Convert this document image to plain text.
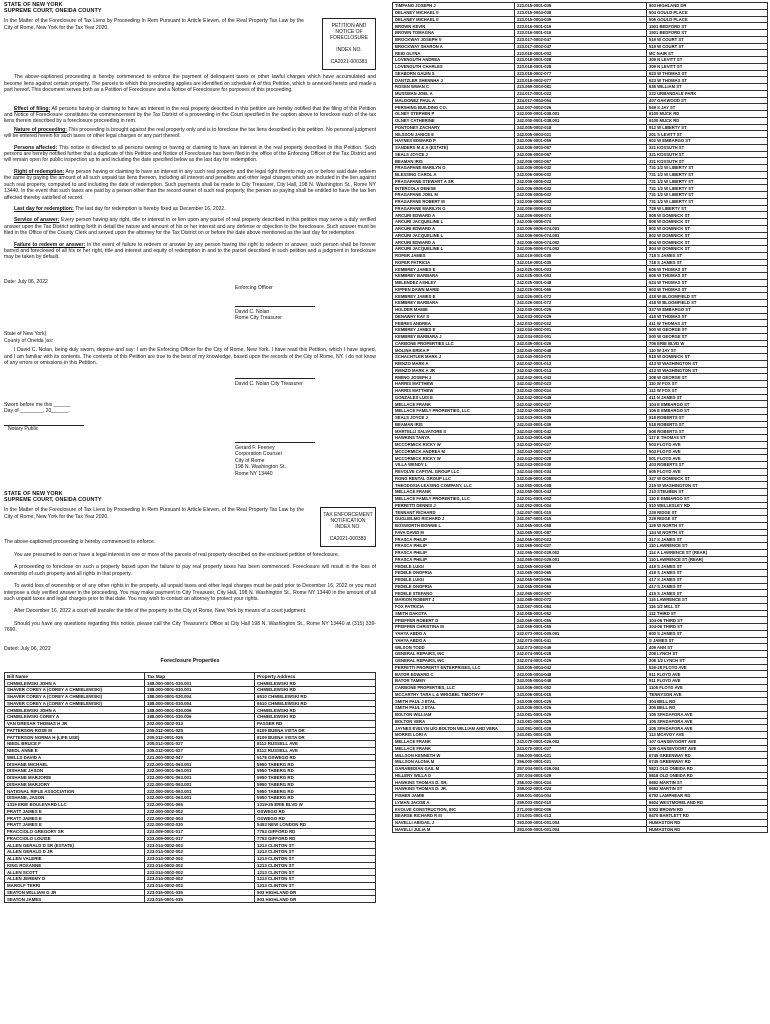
STATE OF NEW YORK
SUPREME COURT, ONEIDA COUNTY
In the Matter of the Foreclosure of Tax Liens by Proceeding In Rem Pursuant to Article Eleven, of the Real Property Tax Law by the City of Rome, New York for the Tax Year 2020.	PETITION AND NOTICE OF FORECLOSURE
INDEX NO.
CA2021-000383
The above-captioned proceeding is hereby commenced to enforce the payment of delinquent taxes or other lawful charges which have accumulated and become liens against certain property. The parcels to which this proceeding applies are identified on schedule A of this Petition, which is annexed hereto and made a part hereof. This document serves both as a Petition of Foreclosure and a Notice of Foreclosure for purposes of this proceeding.
Effect of filing: All persons having or claiming to have an interest in the real property described in this petition are hereby notified that the filing of this Petition and Notice of Foreclosure constitutes the commencement by the Tax District of a proceeding in the Court specified in the caption above to foreclose each of the tax liens therein described by a foreclosure proceeding in rem.
Nature of proceeding: This proceeding is brought against the real property only and is to foreclose the tax liens described in this petition. No personal judgment will be entered herein for such taxes or other legal charges or any part thereof.
Persons affected: This notice is directed to all persons owning or having or claiming to have an interest in the real property described in this Petition. Such persons are hereby notified further that a duplicate of this Petition and Notice of Foreclosure has been filed in the office of the Enforcing Officer of the Tax District and will remain open for public inspection up to and including the date specified below as the last day for redemption.
Right of redemption: Any person having or claiming to have an interest in any such real property and the legal right thereto may on or before said date redeem the same by paying the amount of all such unpaid tax liens thereon, including all interest and penalties and other legal charges which are included in the lien against such real property, computed to and including the date of redemption. Such payments shall be made to City Treasurer, City Hall, 198 N. Washington St., Rome NY 13440. In the event that such taxes are paid by a person other than the record owner of such real property, the person so paying shall be entitled to have the tax lien affected thereby satisfied of record.
Last day for redemption: The last day for redemption is hereby fixed as December 16, 2022.
Service of answer: Every person having any right, title or interest in or lien upon any parcel of real property described in this petition may serve a duly verified answer upon the Tax District setting forth in detail the nature and amount of his or her interest and any defense or objection to the foreclosure. Such answer must be filed in the Office of the County Clerk and served upon the attorney for the Tax District on or before the date above mentioned as the last day for redemption.
Failure to redeem or answer: In the event of failure to redeem or answer by any person having the right to redeem or answer, such person shall be forever barred and foreclosed of all his or her right, title and interest and equity of redemption in and to the parcel described in such petition and a judgment in foreclosure may be taken by default.
Date: July 06, 2022
Enforcing Officer
David C. Nolan
Rome City Treasurer
State of New York)
County of Oneida )ss:
I David C. Nolan, being duly sworn, depose and say: I am the Enforcing Officer for the City of Rome, New York. I have read this Petition, which I have signed, and I am familiar with its contents. The contents of this Petition are true to the best of my knowledge, based upon the records of the City of Rome, NY. I do not know of any errors or omissions in this Petition.
David C. Nolan City Treasurer
Sworn before me this ______
Day of ________, 20______.
Notary Public
Gerard F. Feeney
Corporation Counsel
City of Rome
198 N. Washington St.
Rome NY 13440
STATE OF NEW YORK
SUPREME COURT, ONEIDA COUNTY
In the Matter of the Foreclosure of Tax Liens by Proceeding In Rem Pursuant to Article Eleven, of the Real Property Tax Law by the City of Rome, New York for the Tax Year 2020.	TAX ENFORCEMENT NOTIFICATION INDEX NO.
CA2021-000383
The above-captioned proceeding is hereby commenced to enforce.
You are presumed to own or have a legal interest in one or more of the parcels of real property described on the enclosed petition of foreclosure.
A proceeding to foreclose on such a property based upon the failure to pay real property taxes has been commenced. Foreclosure will result in the loss of ownership of such property and all rights in that property.
To avoid loss of ownership or of any other rights in the property, all unpaid taxes and other legal charges must be paid prior to December 16, 2022 or you must interpose a duly verified answer in the proceeding. You may make payment to City Treasurer, City Hall, 198 N. Washington St., Rome NY 13440 in the amount of all such unpaid taxes and legal charges prior to that date. You may wish to contact an attorney to protect your rights.
After December 16, 2022 a court will transfer the title of the property to the City of Rome, New York by means of a court judgment.
Should you have any questions regarding this notice, please call the City Treasurer's Office at City Hall 198 N. Washington St., Rome NY 13440 at (315) 339-7690.
Dated: July 06, 2022
Foreclosure Properties
Bill Name	Tax Map	Property Address
CHMIELEWSKI JOHN A	188.000-0001-030.001	CHMIELEWSKI RD
SHAVER COREY A (COREY A CHMIELEWSKI)	188.000-0001-030.001	CHMIELEWSKI RD
SHAVER COREY A (COREY A CHMIELEWSKI)	188.000-0001-030.004	6510 CHMIELEWSKI RD
SHAVER COREY A (COREY A CHMIELEWSKI)	188.000-0001-030.004	6510 CHMIELEWSKI RD
CHMIELEWSKI JOHN A	188.000-0001-030.006	CHMIELEWSKI RD
CHMIELEWSKI COREY A	188.000-0001-030.006	CHMIELEWSKI RD
VAN DRESAR THOMAS H JR	202.000-0002-013	PASSER RD
PATTERSON ROSE M	205.012-0001-025	8109 BUENA VISTA DR
PATTERSON NORMA H (LIFE USE)	205.012-0001-025	8109 BUENA VISTA DR
NIEDL BRUCE F	205.012-0001-027	8112 RUSSELL AVE
NIEDL ANNE E	205.012-0001-027	8112 RUSSELL AVE
WELLS DAVID A	221.000-0002-047	5178 OSWEGO RD
DISHANE MICHAEL	222.000-0001-063.001	5950 TABERG RD
DISHANE JASON	222.000-0001-063.001	5950 TABERG RD
DISHANE MARJORIE	222.000-0001-063.001	5950 TABERG RD
DISHANE MARJORY	222.000-0001-063.001	5950 TABERG RD
NATIONAL RIFLE ASSOCIATION	222.000-0001-063.001	5950 TABERG RD
DISHANE, JASON	222.000-0001-063.001	5950 TABERG RD
1319 ERIE BOULEVARD LLC	222.000-0001-065	1319-25 ERIE BLVD W
PRATT JAMES E	222.000-0002-002	OSWEGO RD
PRATT JAMES E	222.000-0002-004	OSWEGO RD
PRATT JAMES E	222.000-0002-030	5453 NEW LONDON RD
FRACCIOLO GREGORY SR	223.009-0001-017	7753 GIFFORD RD
FRACCIOLO LOUISE	223.009-0001-017	7753 GIFFORD RD
ALLEN GERALD D SR (ESTATE)	223.014-0002-002	1213 CLINTON ST
ALLEN GERALD D JR	223.014-0002-002	1213 CLINTON ST
ALLEN VALERIE	223.014-0002-002	1213 CLINTON ST
KING ROXANNE	223.014-0002-002	1213 CLINTON ST
ALLEN SCOTT	223.014-0002-002	1213 CLINTON ST
ALLEN JEREMY D	223.014-0002-002	1213 CLINTON ST
MAROLF TERRI	223.014-0002-002	1213 CLINTON ST
SEATON WILLIAM G JR	223.015-0001-035	903 HIGHLAND DR
SEATON JAMES	223.015-0001-035	903 HIGHLAND DR
TIMPANO JOSEPH J	223.015-0001-035	903 HIGHLAND DR
DELANEY MICHAEL II	223.015-0004-038	504 GOULD PLACE
DELANEY MICHAEL II	223.015-0004-039	506 GOULD PLACE
BROWN KEVIN	223.016-0001-016	1501 BEDFORD ST
BROWN TOMAGNA	223.016-0001-016	1501 BEDFORD ST
BROCKWAY JOSEPH V	223.017-0002-047	519 W COURT ST
BROCKWAY SHARON A	223.017-0002-047	519 W COURT ST
REID GLYNA	223.018-0001-002	MC NAIR ST
LOVENGUTH ANDREA	223.018-0001-028	309 N LEVITT ST
LOVENGUTH CHARLES	223.018-0001-028	309 N LEVITT ST
SEABORN GAUIN S	223.018-0002-077	623 W THOMAS ST
DANTZLER SHENNHA J	223.018-0002-077	623 W THOMAS ST
ROSEN WWAN C	223.059-0003-081	636 WILLIAM ST
MUSSMAN JOEL A	224.017-0001-022	222 URBANDALE PARK
MALDONEZ PAUL A	224.017-0004-054	407 OAKWOOD ST
PERSHING BUILDING CO.	242.007-0002-026	549 S JAY ST
OLNEY STEPHEN P	242.000-0001-038.001	6100 MUCK RD
OLNEY CATHERINE	242.000-0001-038.001	6100 MUCK RD
PONTONEY ZACHARY	242.005-0002-018	912 W LIBERTY ST
NILSSON JANICE E	242.005-0003-021	201 S LEVITT ST
HAYNES EDWARD P	242.006-0001-059	602 W EMBARGO ST
SANDERS M & A (ESTATE)	242.006-0003-067	321 KOSSUTH ST
SEALS JOYCE J	242.006-0003-067	321 KOSSUTH ST
BEAMAN IRIS	242.006-0003-067	321 KOSSUTH ST
FRAGAPANE MARILYN G	242.006-0006-032	731 1/2 W LIBERTY ST
BLESSING CAROL A	242.006-0006-032	731 1/2 W LIBERTY ST
FRAGAPANE STEWART A SR	242.006-0006-032	731 1/2 W LIBERTY ST
INTERCOLA DENISE	242.006-0006-032	731 1/2 W LIBERTY ST
FRAGAPANE JOEL M	242.006-0006-032	731 1/2 W LIBERTY ST
FRAGAPANE ROBERT M	242.006-0006-032	731 1/2 W LIBERTY ST
FRAGAPANE MARILYN G	242.006-0006-033	729 W LIBERTY ST
ARCURI EDWARD A	242.006-0006-074	808 W DOMINICK ST
ARCURI JACQUELINE L	242.006-0006-074	808 W DOMINICK ST
ARCURI EDWARD A	242.006-0006-074.001	802 W DOMINICK ST
ARCURI JACQUELINE L	242.006-0006-074.001	802 W DOMINICK ST
ARCURI EDWARD A	242.006-0006-074.002	804 W DOMINICK ST
ARCURI JACQUELINE L	242.006-0006-074.002	804 W DOMINICK ST
ROPER JAMES	242.019-0001-035	718 S JAMES ST
ROPER PATRICIA	242.019-0001-035	718 S JAMES ST
KEMBREY JAMES E	242.025-0001-003	606 W THOMAS ST
KEMBREY BARBARA	242.025-0001-003	606 W THOMAS ST
MELENDEZ ASHLEY	242.025-0001-048	524 W THOMAS ST
KIPPEN DAWN MARIE	242.025-0001-056	603 W THOMAS ST
KEMBREY JAMES E	242.026-0001-072	418 W BLOOMFIELD ST
KEMBREY BARBARA	242.026-0001-072	418 W BLOOMFIELD ST
HOLDER MAMIE	242.030-0001-025	327 W EMBARGO ST
DENAWAY KAY S	242.033-0002-029	415 W THOMAS ST
FEBRES ANDREA	242.033-0002-022	411 W THOMAS ST
KEMBREY JAMES E	242.034-0002-001	500 W GEORGE ST
KEMBREY BARBARA J	242.034-0002-001	500 W GEORGE ST
CARBONE PROPERTIES LLC	242.039-0001-026	706 ERIE BLVD W
MOLINA ERIKA P	242.040-0002-048	110 W JAY ST
SCHACHTLER MARK J	242.040-0003-070	518 W DOMINICK ST
RIENZO MARK A	242.042-0001-013	413 W WASHINGTON ST
RIENZO MARK A JR	242.042-0001-013	413 W WASHINGTON ST
RIBINO JOSEPH J	242.042-0001-043	308 W GEORGE ST
HARRIS MATTHEW	242.042-0002-023	110 W FOX ST
HARRIS MATTHEW	242.042-0002-024	112 W FOX ST
GONZALES LUIS E	242.042-0002-046	411 N JAMES ST
MELLACE FRANK	242.042-0002-027	104 E EMBARGO ST
MELLACE FAMILY PROPERTIES, LLC	242.042-0003-028	106 E EMBARGO ST
SEALS JOYCE J	242.043-0001-039	518 ROBERTS ST
BEAMAN IRIS	242.043-0001-039	518 ROBERTS ST
MARTELLI SALVATORE S	242.043-0001-042	508 ROBERTS ST
HAWKINS TANYA	242.043-0001-049	117 E THOMAS ST
MCCORMICK RICKY W	242.043-0002-027	503 FLOYD AVE
MCCORMICK ANDREA M	242.043-0002-027	503 FLOYD AVE
MCCORMICK RICKY W	242.043-0002-028	501 FLOYD AVE
VILLA WENDY L	242.043-0003-030	403 ROBERTS ST
REVOLVE CAPITAL GROUP LLC	242.044-0001-034	605 FLOYD AVE
RONG RENTAL GROUP LLC	242.049-0001-008	327 W DOMINICK ST
THEODOSIA LEASING COMPANY, LLC	242.050-0001-008	215 W WASHINGTON ST
MELLACE FRANK	242.050-0001-043	210 STEUBEN ST
MELLACE FAMILY PROPERTIES, LLC	242.051-0001-002	110 E EMBARGO ST
PERFETTI DENNIS J	242.052-0001-004	510 WELLESLEY RD
TENNANT RICHARD	242.057-0001-015	229 RIDGE ST
GUGLIELMO RICHARD J	242.057-0001-015	229 RIDGE ST
BOSWORTH BONNIE L	242.065-0001-058	129 W NORTH ST
FAVA DAVID M	242.065-0001-087	124 W NORTH ST
FRASCA PHILIP	242.065-0002-023	317 S JAMES ST
FRASCA PHILIP	242.065-0002-027	110 LAWRENCE ST
FRASCA PHILIP	242.065-0002-029.002	114 A LAWRENCE ST (REAR)
FRASCA PHILIP	242.065-0002-029.001	110 LAWRENCE ST (REAR)
FEDELE LUIGI	242.065-0003-065	419 S JAMES ST
FEDELE ONOFRIA	242.065-0003-065	419 S JAMES ST
FEDELE LUIGI	242.065-0003-066	417 S JAMES ST
FEDELE ONOFRIA	242.065-0003-066	417 S JAMES ST
FEDELE STEFANO	242.065-0003-067	415 S JAMES ST
MARION ROBERT J	242.066-0002-072	115 LAWRENCE ST
FOX PATRICIA	242.067-0001-084	116 1/2 MILL ST
SMITH DAKOTA	242.068-0001-052	112 THIRD ST
PFEIFFER ROBERT D	242.069-0001-055	104-06 THIRD ST
PFEIFFER CHRISTINA M	242.069-0001-055	104-06 THIRD ST
YAHYA ABDO A	242.073-0001-009.001	600 S JAMES ST
YAHYA ABDO A	242.073-0001-041	S JAMES ST
WILSON TODD	242.073-0002-049	409 ANN ST
GENERAL REPAIRS, INC	242.074-0001-028	208 LYNCH ST
GENERAL REPAIRS, INC	242.074-0001-029	208 1/2 LYNCH ST
PERFETTI PROPERTY ENTERPRISES, LLC	243.005-0004-042	526-28 FLOYD AVE
BATOR EDWARD C	243.005-0004-048	911 FLOYD AVE
BATOR TAMMY	243.005-0004-048	911 FLOYD AVE
CARBONE PROPERTIES, LLC	243.006-0001-002	1105 FLOYD AVE
MCCARTHY TARA L & WRIGBEL TIMOTHY F	243.006-0001-015	TENNYSON AVE
SMITH PAUL J ETAL	243.006-0001-025	304 BELL RD
SMITH PAUL J ETAL	243.006-0001-026	306 BELL RD
BOLTON WILLIAM	243.081-0001-029	105 SPADAFORA AVE
BOLTON VERA	243.081-0001-029	105 SPADAFORA AVE
JAYNES EVELYN U/O BOLTON WILLIAM AND VERA	243.081-0001-029	105 SPADAFORA AVE
MORRIS LORI A	243.081-0001-025	113 MCAVOY AVE
MELLACE FRANK	243.070-0001-026.002	107 GANSEVOORT AVE
MELLACE FRANK	243.070-0001-027	109 GANSEVOORT AVE
MILLSON KENNETH W	256.000-0001-021	6745 GREENWAY RD
MILLSON ALONA M	256.000-0001-021	6745 GREENWAY RD
GARABEDIAN GAIL M	257.004-0001-026.004	5821 OLD ONEIDA RD
HILLERY WILLA D	257.004-0001-029	5818 OLD ONEIDA RD
HAWKINS THOMAS D. SR.	258.002-0001-024	6692 MARTIN ST
HAWKINS THOMAS D. JR.	258.002-0001-024	6692 MARTIN ST
FISHER JAMIE	259.001-0004-004	6792 LAMPHEAR RD
LYMAN JACOB A	259.003-0002-010	6604 WESTMORELAND RD
EVOLVE CONSTRUCTION, INC	271.000-0002-006	5302 BROWN RD
BEARSE RICHARD R III	274.001-0001-013	6470 BARTLETT RD
NAVELLI ABIGAIL J	293.000-0001-001.004	HUMASTON RD
NAVELLI JULIA M	293.000-0001-001.004	HUMASTON RD
